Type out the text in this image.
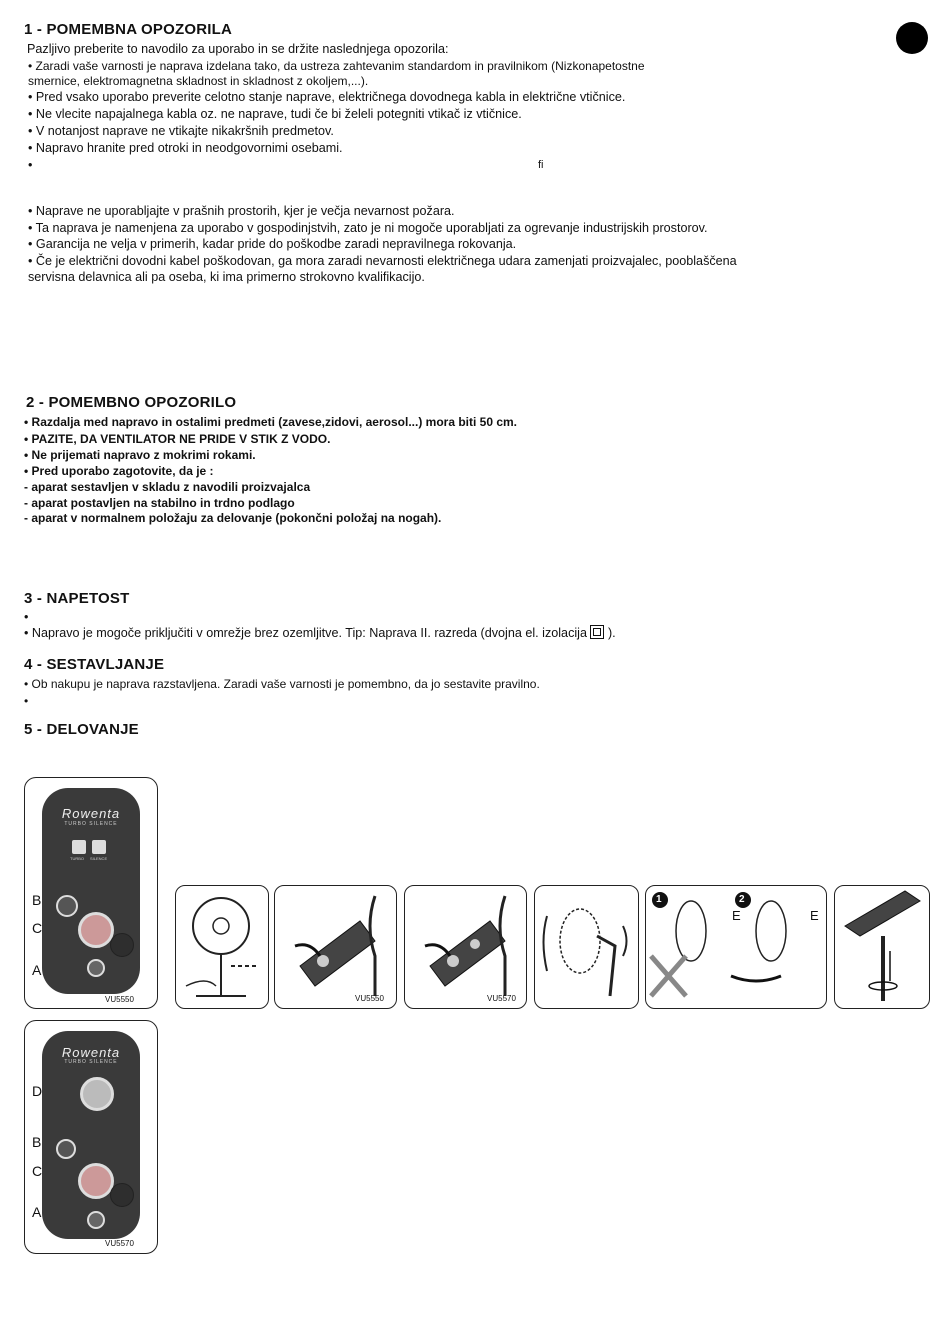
1 - POMEMBNA OPOZORILA
Pazljivo preberite to navodilo za uporabo in se držite naslednjega opozorila:
• Zaradi vaše varnosti je naprava izdelana tako, da ustreza zahtevanim standardom in pravilnikom (Nizkonapetostne
smernice, elektromagnetna skladnost in skladnost z okoljem,...).
• Pred vsako uporabo preverite celotno stanje naprave, električnega dovodnega kabla in električne vtičnice.
• Ne vlecite napajalnega kabla oz. ne naprave, tudi če bi želeli potegniti vtikač iz vtičnice.
• V notanjost naprave ne vtikajte nikakršnih predmetov.
• Napravo hranite pred otroki in neodgovornimi osebami.
•	fi
• Naprave ne uporabljajte v prašnih prostorih, kjer je večja nevarnost požara.
• Ta naprava je namenjena za uporabo v gospodinjstvih, zato je ni mogoče uporabljati za ogrevanje industrijskih prostorov.
• Garancija ne velja v primerih, kadar pride do poškodbe zaradi nepravilnega rokovanja.
• Če je električni dovodni kabel poškodovan, ga mora zaradi nevarnosti električnega udara zamenjati proizvajalec, pooblaščena
servisna delavnica ali pa oseba, ki ima primerno strokovno kvalifikacijo.
2 - POMEMBNO OPOZORILO
• Razdalja med napravo in ostalimi predmeti (zavese,zidovi, aerosol...) mora biti 50 cm.
• PAZITE, DA VENTILATOR NE PRIDE V STIK Z VODO.
• Ne prijemati napravo z mokrimi rokami.
• Pred uporabo zagotovite, da je :
- aparat sestavljen v skladu z navodili proizvajalca
- aparat postavljen na stabilno in trdno podlago
- aparat v normalnem položaju za delovanje (pokončni položaj na nogah).
3 - NAPETOST
•
• Napravo je mogoče priključiti v omrežje brez ozemljitve. Tip: Naprava II. razreda (dvojna el. izolacija ).
4 - SESTAVLJANJE
• Ob nakupu je naprava razstavljena. Zaradi vaše varnosti je pomembno, da jo sestavite pravilno.
•
5 - DELOVANJE
Rowenta
TURBO SILENCE
TURBO SILENCE
B
C
A
VU5550
Rowenta
TURBO SILENCE
D
B
C
A
VU5570
VU5550	VU5570
1	2
E	E
